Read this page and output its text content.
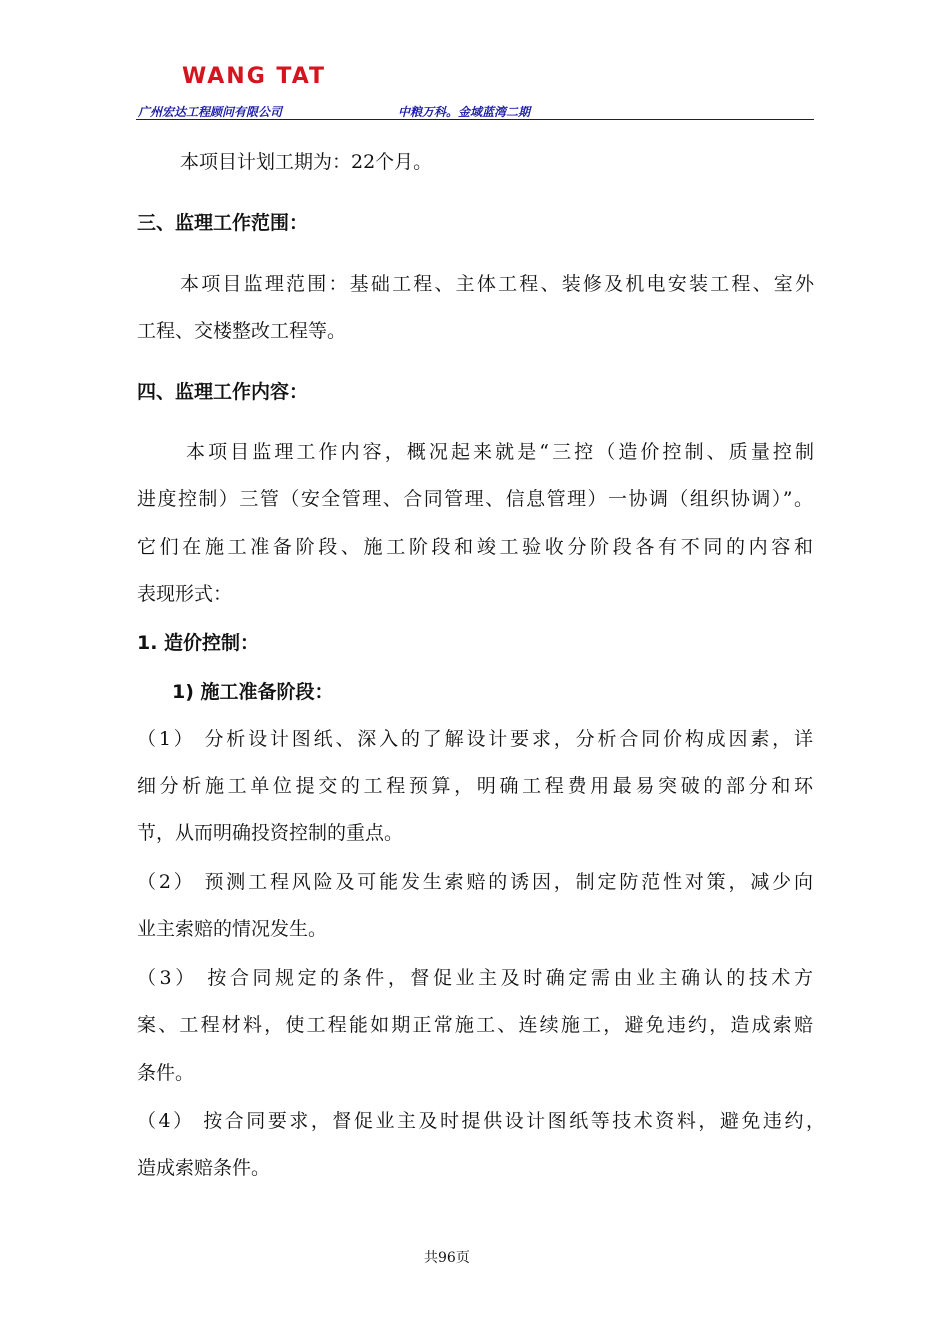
WANG TAT
广州宏达工程顾问有限公司	中粮万科。金域蓝湾二期
本项目计划工期为：22个月。
三、监理工作范围：
本项目监理范围：基础工程、主体工程、装修及机电安装工程、室外
工程、交楼整改工程等。
四、监理工作内容：
本项目监理工作内容，概况起来就是“三控（造价控制、质量控制
进度控制）三管（安全管理、合同管理、信息管理）一协调（组织协调）”。
它们在施工准备阶段、施工阶段和竣工验收分阶段各有不同的内容和
表现形式：
1. 造价控制：
1) 施工准备阶段：
（1） 分析设计图纸、深入的了解设计要求，分析合同价构成因素，详
细分析施工单位提交的工程预算，明确工程费用最易突破的部分和环
节，从而明确投资控制的重点。
（2） 预测工程风险及可能发生索赔的诱因，制定防范性对策，减少向
业主索赔的情况发生。
（3） 按合同规定的条件，督促业主及时确定需由业主确认的技术方
案、工程材料，使工程能如期正常施工、连续施工，避免违约，造成索赔
条件。
（4） 按合同要求，督促业主及时提供设计图纸等技术资料，避免违约，
造成索赔条件。
共96页
